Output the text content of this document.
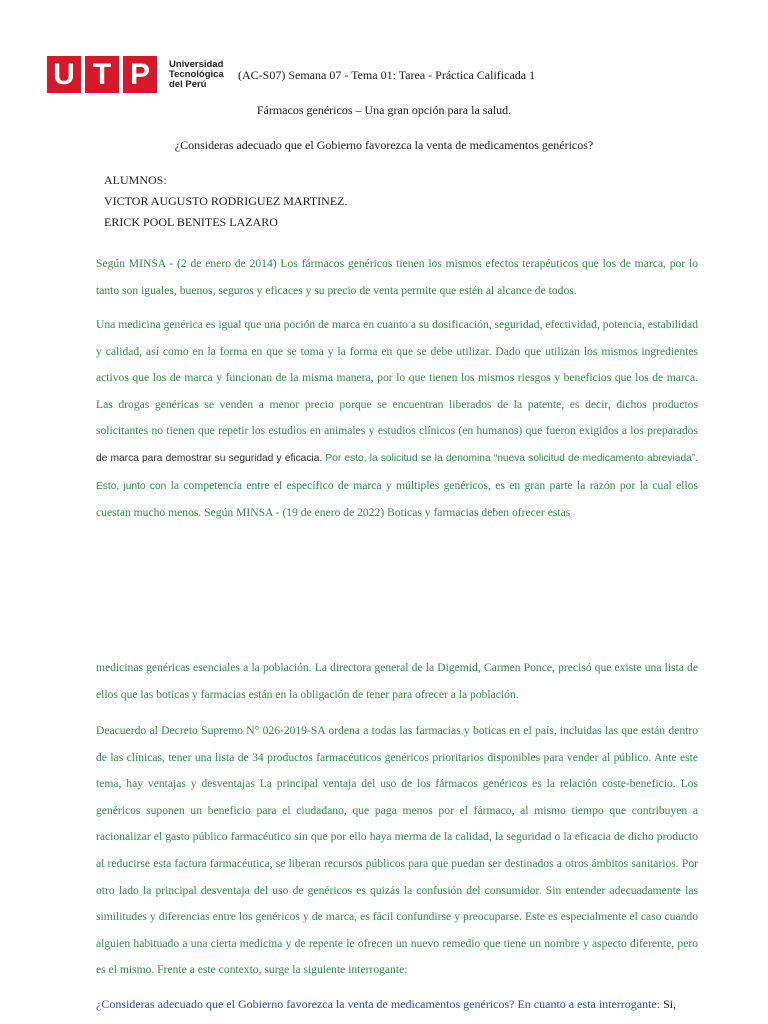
U T P	Universidad
Tecnológica
del Perú
(AC-S07) Semana 07 - Tema 01: Tarea - Práctica Calificada 1
Fármacos genéricos – Una gran opción para la salud.
¿Consideras adecuado que el Gobierno favorezca la venta de medicamentos genéricos?
ALUMNOS:
VICTOR AUGUSTO RODRIGUEZ MARTINEZ.
ERICK POOL BENITES LAZARO
Según MINSA - (2 de enero de 2014) Los fármacos genéricos tienen los mismos efectos terapéuticos que los de marca, por lo tanto son iguales, buenos, seguros y eficaces y su precio de venta permite que estén al alcance de todos.
Una medicina genérica es igual que una poción de marca en cuanto a su dosificación, seguridad, efectividad, potencia, estabilidad y calidad, así como en la forma en que se toma y la forma en que se debe utilizar. Dado que utilizan los mismos ingredientes activos que los de marca y funcionan de la misma manera, por lo que tienen los mismos riesgos y beneficios que los de marca. Las drogas genéricas se venden a menor precio porque se encuentran liberados de la patente, es decir, dichos productos solicitantes no tienen que repetir los estudios en animales y estudios clínicos (en humanos) que fueron exigidos a los preparados de marca para demostrar su seguridad y eficacia. Por esto, la solicitud se la denomina “nueva solicitud de medicamento abreviada”. Esto, junto con la competencia entre el específico de marca y múltiples genéricos, es en gran parte la razón por la cual ellos cuestan mucho menos. Según MINSA - (19 de enero de 2022) Boticas y farmacias deben ofrecer estas
medicinas genéricas esenciales a la población. La directora general de la Digemid, Carmen Ponce, precisó que existe una lista de ellos que las boticas y farmacias están en la obligación de tener para ofrecer a la población.
Deacuerdo al Decreto Supremo N° 026-2019-SA ordena a todas las farmacias y boticas en el país, incluidas las que están dentro de las clínicas, tener una lista de 34 productos farmacéuticos genéricos prioritarios disponibles para vender al público. Ante este tema, hay ventajas y desventajas La principal ventaja del uso de los fármacos genéricos es la relación coste-beneficio. Los genéricos suponen un beneficio para el ciudadano, que paga menos por el fármaco, al mismo tiempo que contribuyen a racionalizar el gasto público farmacéutico sin que por ello haya merma de la calidad, la seguridad o la eficacia de dicho producto al reducirse esta factura farmacéutica, se liberan recursos públicos para que puedan ser destinados a otros ámbitos sanitarios. Por otro lado la principal desventaja del uso de genéricos es quizás la confusión del consumidor. Sin entender adecuadamente las similitudes y diferencias entre los genéricos y de marca, es fácil confundirse y preocuparse. Este es especialmente el caso cuando alguien habituado a una cierta medicina y de repente le ofrecen un nuevo remedio que tiene un nombre y aspecto diferente, pero es el mismo. Frente a este contexto, surge la siguiente interrogante:
¿Consideras adecuado que el Gobierno favorezca la venta de medicamentos genéricos? En cuanto a esta interrogante: Si,
